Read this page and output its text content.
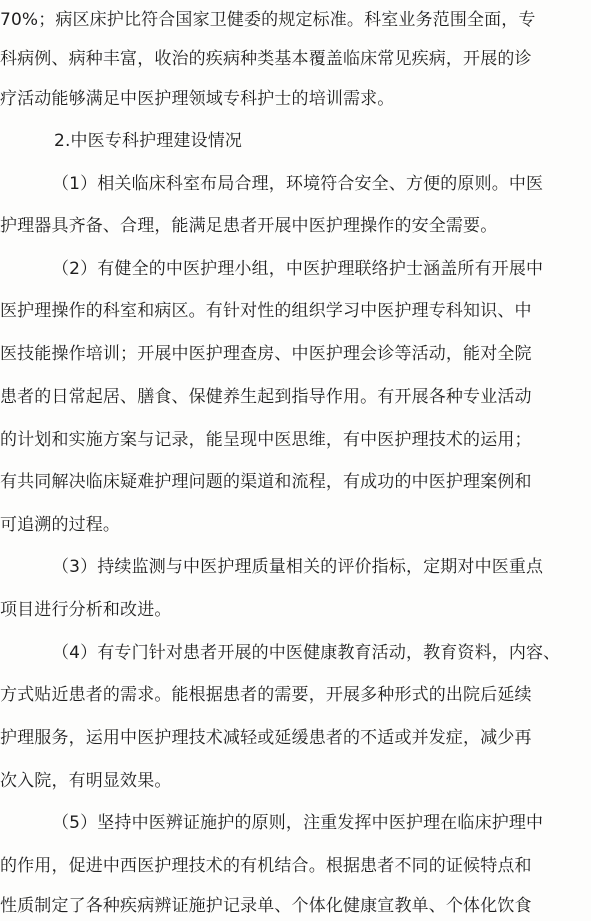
70%；病区床护比符合国家卫健委的规定标准。科室业务范围全面，专
科病例、病种丰富，收治的疾病种类基本覆盖临床常见疾病，开展的诊
疗活动能够满足中医护理领域专科护士的培训需求。
2.中医专科护理建设情况
（1）相关临床科室布局合理，环境符合安全、方便的原则。中医
护理器具齐备、合理，能满足患者开展中医护理操作的安全需要。
（2）有健全的中医护理小组，中医护理联络护士涵盖所有开展中
医护理操作的科室和病区。有针对性的组织学习中医护理专科知识、中
医技能操作培训；开展中医护理查房、中医护理会诊等活动，能对全院
患者的日常起居、膳食、保健养生起到指导作用。有开展各种专业活动
的计划和实施方案与记录，能呈现中医思维，有中医护理技术的运用；
有共同解决临床疑难护理问题的渠道和流程，有成功的中医护理案例和
可追溯的过程。
（3）持续监测与中医护理质量相关的评价指标，定期对中医重点
项目进行分析和改进。
（4）有专门针对患者开展的中医健康教育活动，教育资料，内容、
方式贴近患者的需求。能根据患者的需要，开展多种形式的出院后延续
护理服务，运用中医护理技术减轻或延缓患者的不适或并发症，减少再
次入院，有明显效果。
（5）坚持中医辨证施护的原则，注重发挥中医护理在临床护理中
的作用，促进中西医护理技术的有机结合。根据患者不同的证候特点和
性质制定了各种疾病辨证施护记录单、个体化健康宣教单、个体化饮食
